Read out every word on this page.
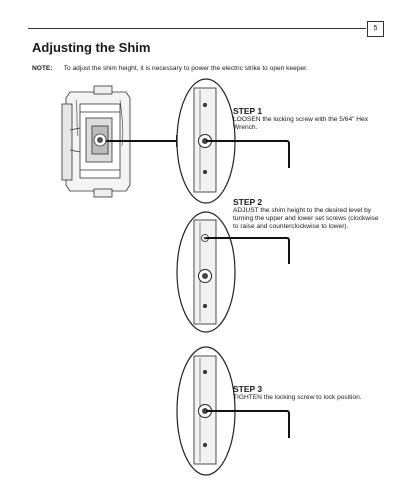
5
Adjusting the Shim
NOTE: To adjust the shim height, it is necessary to power the electric strike to open keeper.

STEP 1

LOOSEN the locking screw with the 5/64" Hex Wrench.

STEP 2

ADJUST the shim height to the desired level by turning the upper and lower set screws (clockwise to raise and counterclockwise to lower).

STEP 3

TIGHTEN the locking screw to lock position.
